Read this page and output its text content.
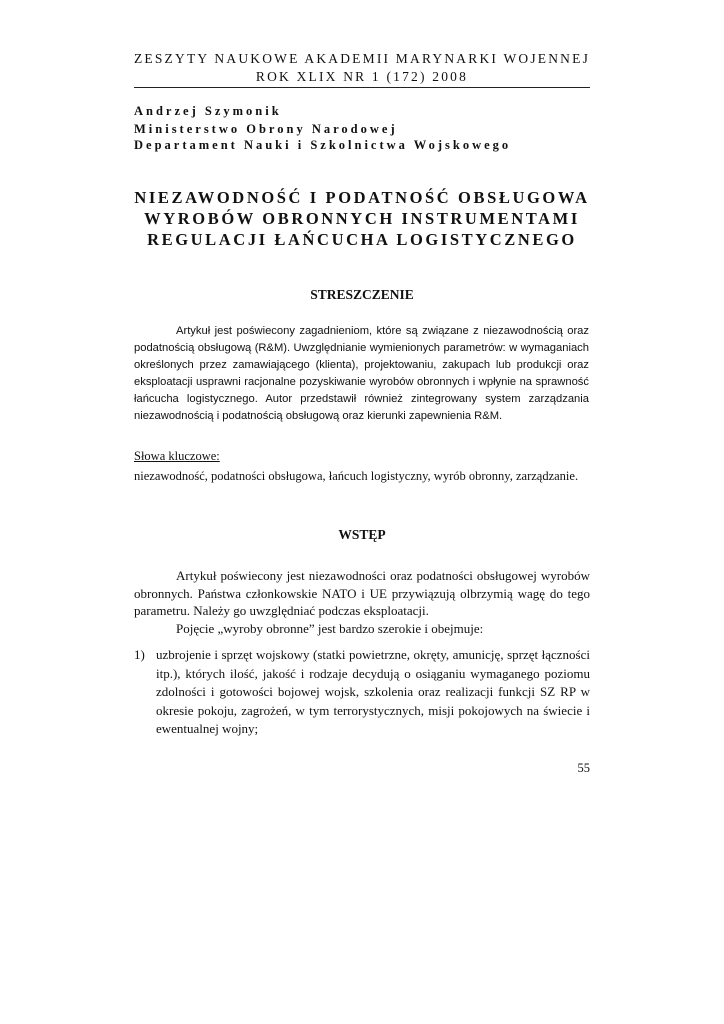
ZESZYTY NAUKOWE AKADEMII MARYNARKI WOJENNEJ
ROK XLIX NR 1 (172) 2008
Andrzej Szymonik
Ministerstwo Obrony Narodowej
Departament Nauki i Szkolnictwa Wojskowego
NIEZAWODNOŚĆ I PODATNOŚĆ OBSŁUGOWA
WYROBÓW OBRONNYCH INSTRUMENTAMI
REGULACJI ŁAŃCUCHA LOGISTYCZNEGO
STRESZCZENIE
Artykuł jest poświecony zagadnieniom, które są związane z niezawodnością oraz podatnością obsługową (R&M). Uwzględnianie wymienionych parametrów: w wymaganiach określonych przez zamawiającego (klienta), projektowaniu, zakupach lub produkcji oraz eksploatacji usprawni racjonalne pozyskiwanie wyrobów obronnych i wpłynie na sprawność łańcucha logistycznego. Autor przedstawił również zintegrowany system zarządzania niezawodnością i podatnością obsługową oraz kierunki zapewnienia R&M.
Słowa kluczowe:
niezawodność, podatności obsługowa, łańcuch logistyczny, wyrób obronny, zarządzanie.
WSTĘP
Artykuł poświecony jest niezawodności oraz podatności obsługowej wyrobów obronnych. Państwa członkowskie NATO i UE przywiązują olbrzymią wagę do tego parametru. Należy go uwzględniać podczas eksploatacji.
Pojęcie „wyroby obronne” jest bardzo szerokie i obejmuje:
1) uzbrojenie i sprzęt wojskowy (statki powietrzne, okręty, amunicję, sprzęt łączności itp.), których ilość, jakość i rodzaje decydują o osiąganiu wymaganego poziomu zdolności i gotowości bojowej wojsk, szkolenia oraz realizacji funkcji SZ RP w okresie pokoju, zagrożeń, w tym terrorystycznych, misji pokojowych na świecie i ewentualnej wojny;
55
